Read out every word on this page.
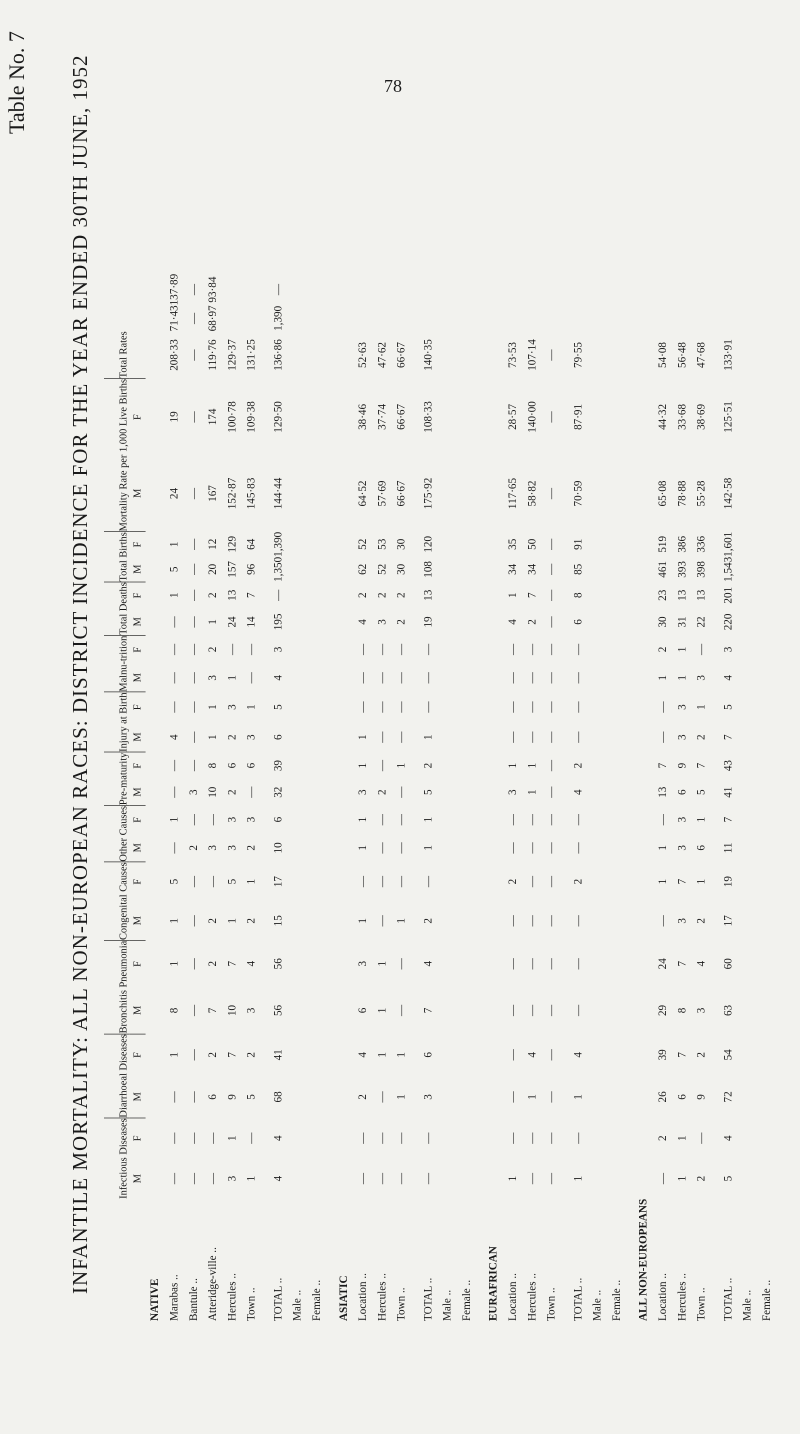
78
Table No. 7 INFANTILE MORTALITY: ALL NON-EUROPEAN RACES: DISTRICT INCIDENCE FOR THE YEAR ENDED 30TH JUNE, 1952
	Infectious Diseases		Diarrhoeal Diseases		Bronchitis Pneumonia		Congenital Causes		Other Causes		Pre-maturity		Injury at Birth		Malnu-trition		Total Deaths		Total Births		Mortality Rate per 1,000 Live Births		Total Rates		
	M	F	M	F	M	F	M	F	M	F	M	F	M	F	M	F	M	F	M	F	M	F			
NATIVE																									
Marabas ..	—	—	—	1	8	1	1	5	—	1	—	—	4	—	—	—	—	1	5	1	24	19	208·33	71·43	137·89
Bantule ..	—	—	—	—	—	—	—	—	2	—	3	—	—	—	—	—	—	—	—	—	—	—	—	—	—
Atteridge-ville ..	—	—	6	2	7	2	2	—	3	—	10	8	1	1	3	2	1	2	20	12	167	174	119·76	68·97	93·84
Hercules ..	3	1	9	7	10	7	1	5	3	3	2	6	2	3	1	—	24	13	157	129	152·87	100·78	129·37		
Town ..	1	—	5	2	3	4	2	1	2	3	—	6	3	1	—	—	14	7	96	64	145·83	109·38	131·25		

TOTAL ..	4	4	68	41	56	56	15	17	10	6	32	39	6	5	4	3	195	—	1,350	1,390	144·44	129·50	136·86	1,390	—
Male ..																									
Female ..																									

ASIATIC																									
Location ..	—	—	2	4	6	3	1	—	1	1	3	1	1	—	—	—	4	2	62	52	64·52	38·46	52·63		
Hercules ..	—	—	—	1	1	1	—	—	—	—	2	—	—	—	—	—	3	2	52	53	57·69	37·74	47·62		
Town ..	—	—	1	1	—	—	1	—	—	—	—	1	—	—	—	—	2	2	30	30	66·67	66·67	66·67		

TOTAL ..	—	—	3	6	7	4	2	—	1	1	5	2	1	—	—	—	19	13	108	120	175·92	108·33	140·35		
Male ..																									
Female ..																									

EURAFRICAN																									
Location ..	1	—	—	—	—	—	—	2	—	—	3	1	—	—	—	—	4	1	34	35	117·65	28·57	73·53		
Hercules ..	—	—	1	4	—	—	—	—	—	—	1	1	—	—	—	—	2	7	34	50	58·82	140·00	107·14		
Town ..	—	—	—	—	—	—	—	—	—	—	—	—	—	—	—	—	—	—	—	—	—	—	—		

TOTAL ..	1	—	1	4	—	—	—	2	—	—	4	2	—	—	—	—	6	8	85	91	70·59	87·91	79·55		
Male ..																									
Female ..																									

ALL NON-EUROPEANS																									
Location ..	—	2	26	39	29	24	—	1	1	—	13	7	—	—	1	2	30	23	461	519	65·08	44·32	54·08		
Hercules ..	1	1	6	7	8	7	3	7	3	3	6	9	3	3	1	1	31	13	393	386	78·88	33·68	56·48		
Town ..	2	—	9	2	3	4	2	1	6	1	5	7	2	1	3	—	22	13	398	336	55·28	38·69	47·68		

TOTAL ..	5	4	72	54	63	60	17	19	11	7	41	43	7	5	4	3	220	201	1,543	1,601	142·58	125·51	133·91		
Male ..																									
Female ..																									
